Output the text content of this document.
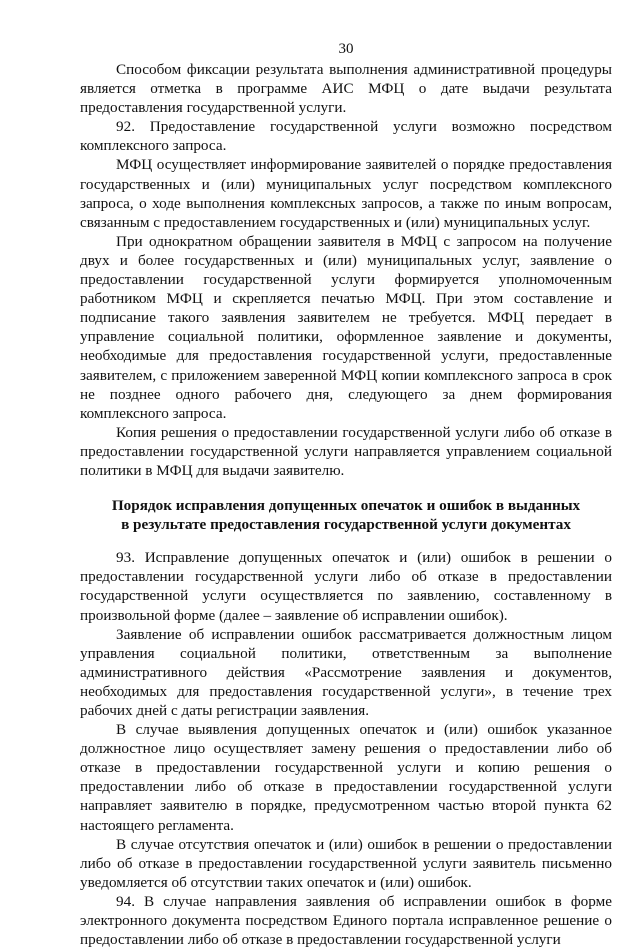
30

Способом фиксации результата выполнения административной процедуры является отметка в программе АИС МФЦ о дате выдачи результата предоставления государственной услуги.

92. Предоставление государственной услуги возможно посредством комплексного запроса.

МФЦ осуществляет информирование заявителей о порядке предоставления государственных и (или) муниципальных услуг посредством комплексного запроса, о ходе выполнения комплексных запросов, а также по иным вопросам, связанным с предоставлением государственных и (или) муниципальных услуг.

При однократном обращении заявителя в МФЦ с запросом на получение двух и более государственных и (или) муниципальных услуг, заявление о предоставлении государственной услуги формируется уполномоченным работником МФЦ и скрепляется печатью МФЦ. При этом составление и подписание такого заявления заявителем не требуется. МФЦ передает в управление социальной политики, оформленное заявление и документы, необходимые для предоставления государственной услуги, предоставленные заявителем, с приложением заверенной МФЦ копии комплексного запроса в срок не позднее одного рабочего дня, следующего за днем формирования комплексного запроса.

Копия решения о предоставлении государственной услуги либо об отказе в предоставлении государственной услуги направляется управлением социальной политики в МФЦ для выдачи заявителю.

Порядок исправления допущенных опечаток и ошибок в выданных
в результате предоставления государственной услуги документах

93. Исправление допущенных опечаток и (или) ошибок в решении о предоставлении государственной услуги либо об отказе в предоставлении государственной услуги осуществляется по заявлению, составленному в произвольной форме (далее – заявление об исправлении ошибок).

Заявление об исправлении ошибок рассматривается должностным лицом управления социальной политики, ответственным за выполнение административного действия «Рассмотрение заявления и документов, необходимых для предоставления государственной услуги», в течение трех рабочих дней с даты регистрации заявления.

В случае выявления допущенных опечаток и (или) ошибок указанное должностное лицо осуществляет замену решения о предоставлении либо об отказе в предоставлении государственной услуги и копию решения о предоставлении либо об отказе в предоставлении государственной услуги направляет заявителю в порядке, предусмотренном частью второй пункта 62 настоящего регламента.

В случае отсутствия опечаток и (или) ошибок в решении о предоставлении либо об отказе в предоставлении государственной услуги заявитель письменно уведомляется об отсутствии таких опечаток и (или) ошибок.

94. В случае направления заявления об исправлении ошибок в форме электронного документа посредством Единого портала исправленное решение о предоставлении либо об отказе в предоставлении государственной услуги
